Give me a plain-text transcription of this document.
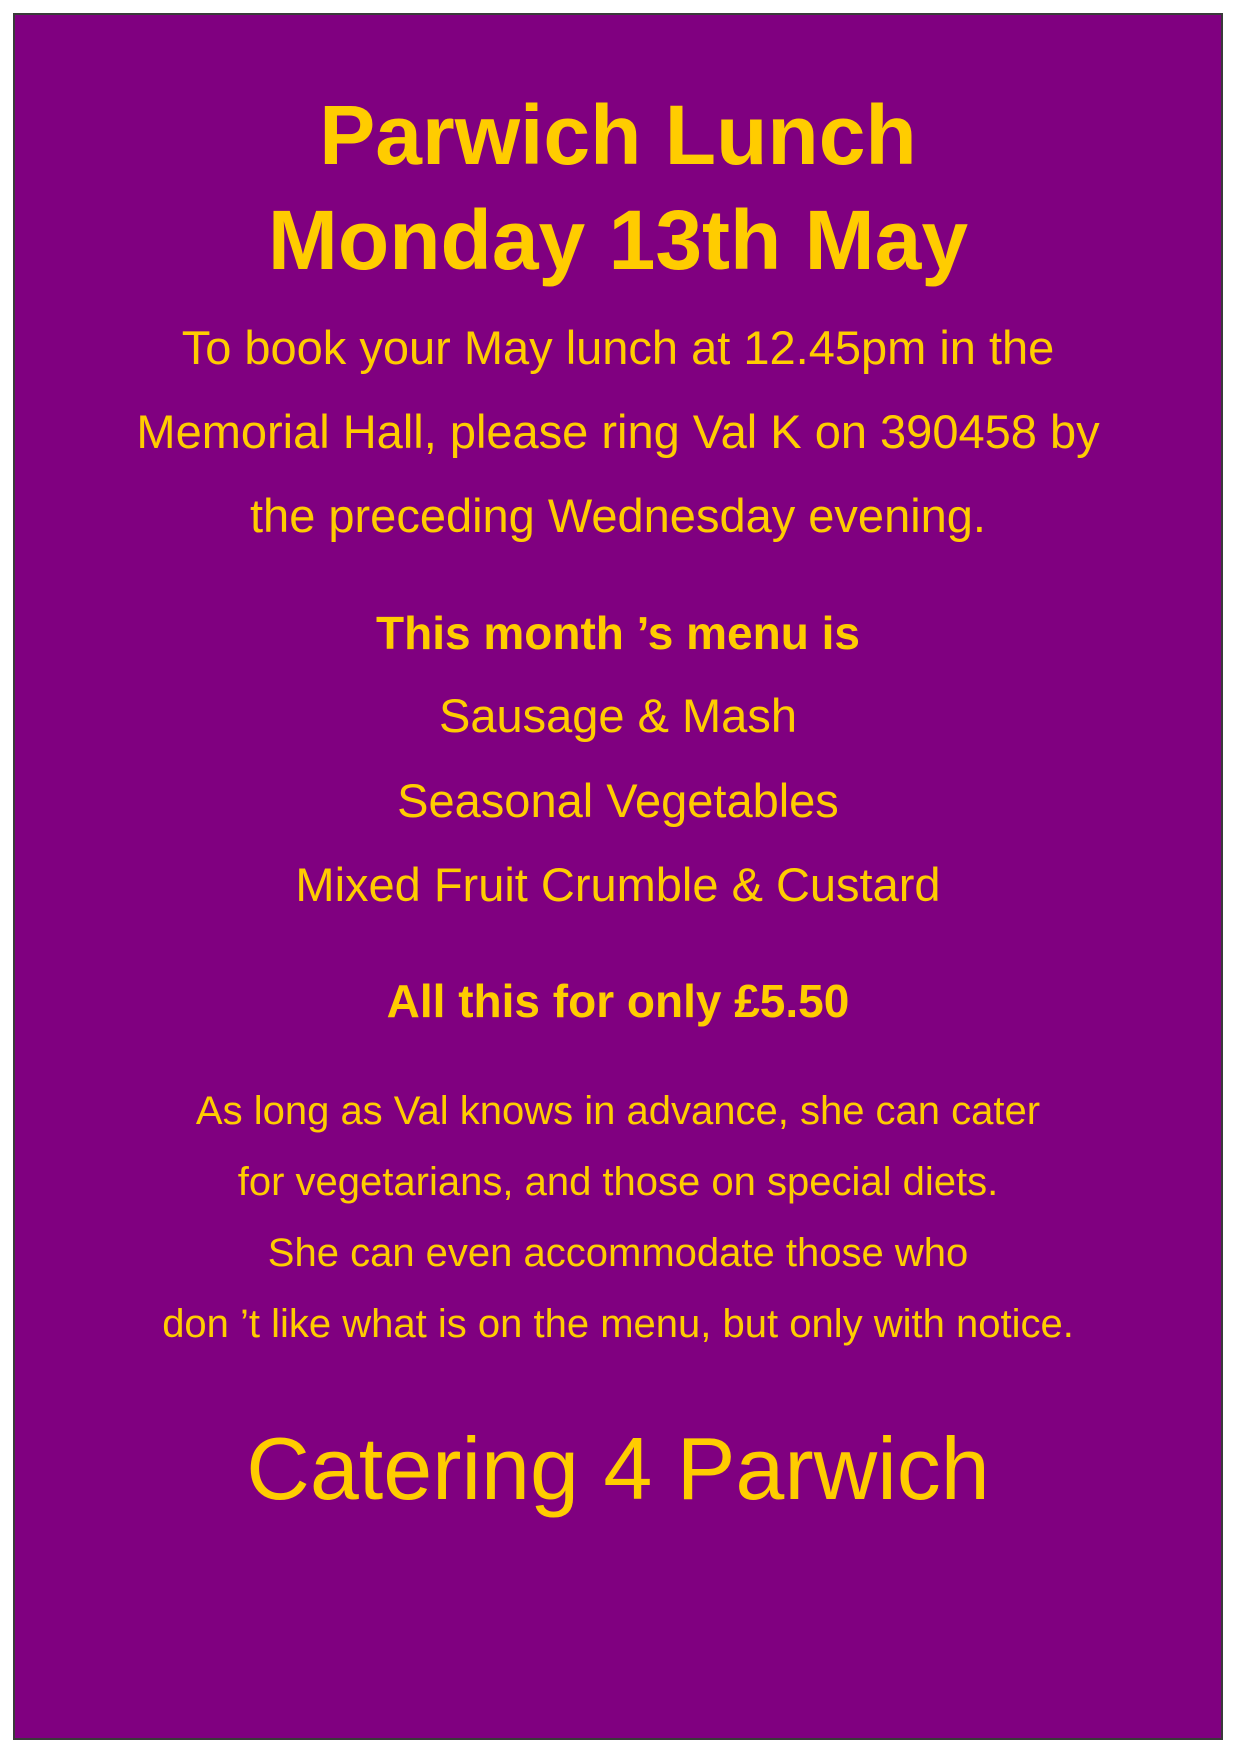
Parwich Lunch
Monday 13th May
To book your May lunch at 12.45pm in the
Memorial Hall, please ring Val K on 390458 by
the preceding Wednesday evening.
This month ’s menu is
Sausage & Mash
Seasonal Vegetables
Mixed Fruit Crumble & Custard
All this for only £5.50
As long as Val knows in advance, she can cater
for vegetarians, and those on special diets.
She can even accommodate those who
don ’t like what is on the menu, but only with notice.
Catering 4 Parwich
